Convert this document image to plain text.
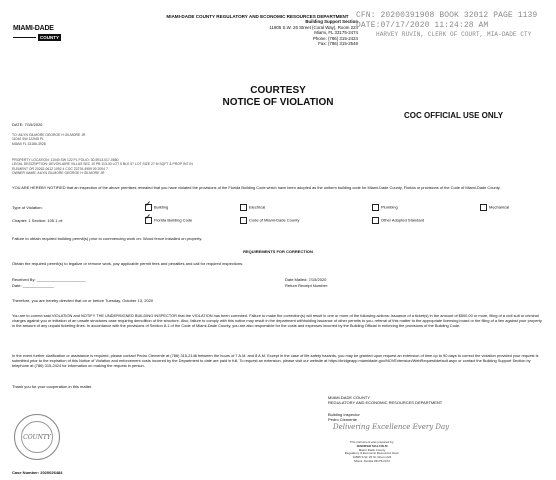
MIAMI-DADE
COUNTY
MIAMI-DADE COUNTY REGULATORY AND ECONOMIC RESOURCES DEPARTMENT
Building Support Section
11805 S.W. 26 Street (Coral Way), Room 224
Miami, FL 33175-2474
Phone: (786) 315-2424
Fax: (786) 315-2548
CFN: 20200391908 BOOK 32012 PAGE 1139
DATE:07/17/2020 11:24:28 AM
HARVEY RUVIN, CLERK OF COURT, MIA-DADE CTY
COURTESY
NOTICE OF VIOLATION
COC OFFICIAL USE ONLY
DATE: 7/15/2020
TO: AILYN GILMORE GEORGE H GILMORE JR
11040 SW 122ND PL
MIAMI FL 33186-3928
PROPERTY LOCATION: 11040 SW 122 PL FOLIO: 30-5913-017-0880
LEGAL DESCRIPTION: DEVON-AIRE VILLAS SEC 10 PB 113-30 LOT 5 BLK 57 LOT SIZE 27 M SQFT & PROP INT IN
ELEMENT OR 20262-0612 1092 4 COC 22276-4959 09 2004 7
OWNER NAME: AILYN GILMORE GEORGE H GILMORE JR
YOU ARE HEREBY NOTIFIED that an inspection of the above premises revealed that you have violated the provisions of the Florida Building Code which have been adopted as the uniform building code for Miami-Dade County, Florida or provisions of the Code of Miami-Dade County.
Type of Violation: ✓	Building	Electrical	Plumbing	Mechanical
Chapter: 1 Section: 105.1 of: ✓	Florida Building Code	Code of Miami-Dade County	Other Adopted Standard
Failure to obtain required building permit(s) prior to commencing work on: Wood fence installed on property.
REQUIREMENTS FOR CORRECTION
Obtain the required permit(s) to legalize or remove work, pay applicable permit fees and penalties and call for required inspections.
Received By: ______________________
Date: ______________
Date Mailed: 7/15/2020
Return Receipt Number:
Therefore, you are hereby directed that on or before Tuesday, October 13, 2020
You are to correct said VIOLATION and NOTIFY THE UNDERSIGNED BUILDING INSPECTOR that the VIOLATION has been corrected. Failure to make the correction(s) will result in one or more of the following actions: issuance of a ticket(s) in the amount of $500.00 or more, filing of a civil suit or criminal charges against you or initiation of an unsafe structures case requiring demolition of the structure. Also, failure to comply with this notice may result in the department withholding issuance of other permits to you, referral of this matter to the appropriate licensing board or the filing of a lien against your property in the amount of any unpaid ticketing fines. In accordance with the provisions of Section 8-1 of the Code of Miami-Dade County, you are also responsible for the costs and expenses incurred by the Building Official in enforcing the provisions of the Building Code.
In the event further clarification or assistance is required, please contact Pedro Clemente at (786) 315-2146 between the hours of 7 A.M. and 8 A.M. Except in the case of life-safety hazards, you may be granted upon request an extension of time up to 90 days to correct the violation provided your request is submitted prior to the expiration of this Notice of Violation and enforcement costs incurred by the Department to date are paid in full. To request an extension, please visit our website at https://bridgeapp.miamidade.gov/NOVExtension/WebRequest/default.aspx or contact the Building Support Section by telephone at (786) 315-2424 for information on making the request in person.
Thank you for your cooperation in this matter.
MIAMI-DADE COUNTY
REGULATORY AND ECONOMIC RESOURCES DEPARTMENT
Building Inspector
Pedro Clemente
Delivering Excellence Every Day
This instrument was prepared by:
JENNIFER MALCOLM
Miami-Dade County
Regulatory & Economic Resources Dept.
11805 S.W. 26 St, Room 224
Miami, Florida 33175-2474
COUNTY
Case Number: 2020026484
